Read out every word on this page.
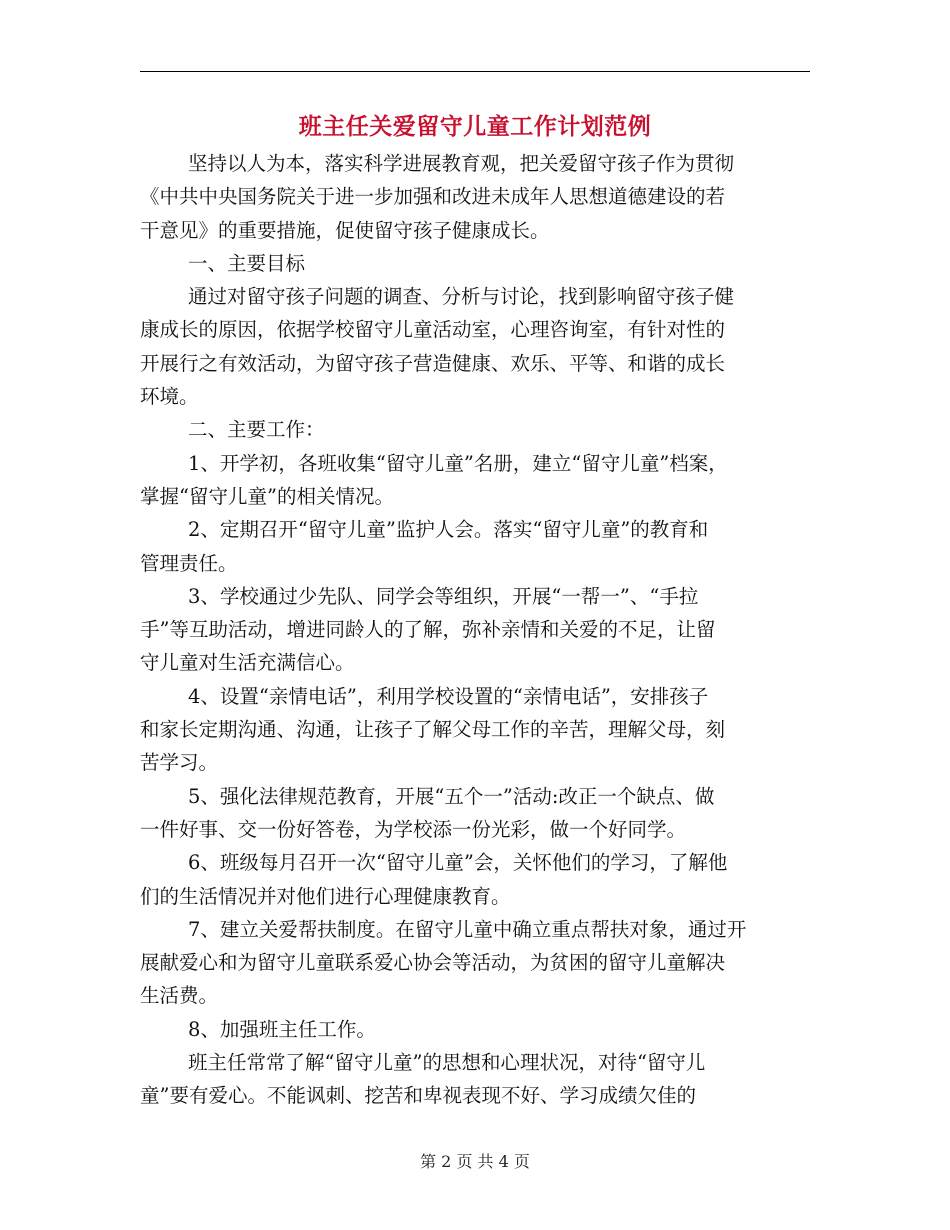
班主任关爱留守儿童工作计划范例

坚持以人为本，落实科学进展教育观，把关爱留守孩子作为贯彻
《中共中央国务院关于进一步加强和改进未成年人思想道德建设的若
干意见》的重要措施，促使留守孩子健康成长。

一、主要目标

通过对留守孩子问题的调查、分析与讨论，找到影响留守孩子健
康成长的原因，依据学校留守儿童活动室，心理咨询室，有针对性的
开展行之有效活动，为留守孩子营造健康、欢乐、平等、和谐的成长
环境。

二、主要工作：

1、开学初，各班收集“留守儿童”名册，建立“留守儿童”档案，
掌握“留守儿童”的相关情况。

2、定期召开“留守儿童”监护人会。落实“留守儿童”的教育和
管理责任。

3、学校通过少先队、同学会等组织，开展“一帮一”、“手拉
手”等互助活动，增进同龄人的了解，弥补亲情和关爱的不足，让留
守儿童对生活充满信心。

4、设置“亲情电话”，利用学校设置的“亲情电话”，安排孩子
和家长定期沟通、沟通，让孩子了解父母工作的辛苦，理解父母，刻
苦学习。

5、强化法律规范教育，开展“五个一”活动:改正一个缺点、做
一件好事、交一份好答卷，为学校添一份光彩，做一个好同学。

6、班级每月召开一次“留守儿童”会，关怀他们的学习，了解他
们的生活情况并对他们进行心理健康教育。

7、建立关爱帮扶制度。在留守儿童中确立重点帮扶对象，通过开
展献爱心和为留守儿童联系爱心协会等活动，为贫困的留守儿童解决
生活费。

8、加强班主任工作。

班主任常常了解“留守儿童”的思想和心理状况，对待“留守儿
童”要有爱心。不能讽刺、挖苦和卑视表现不好、学习成绩欠佳的

第 2 页 共 4 页
